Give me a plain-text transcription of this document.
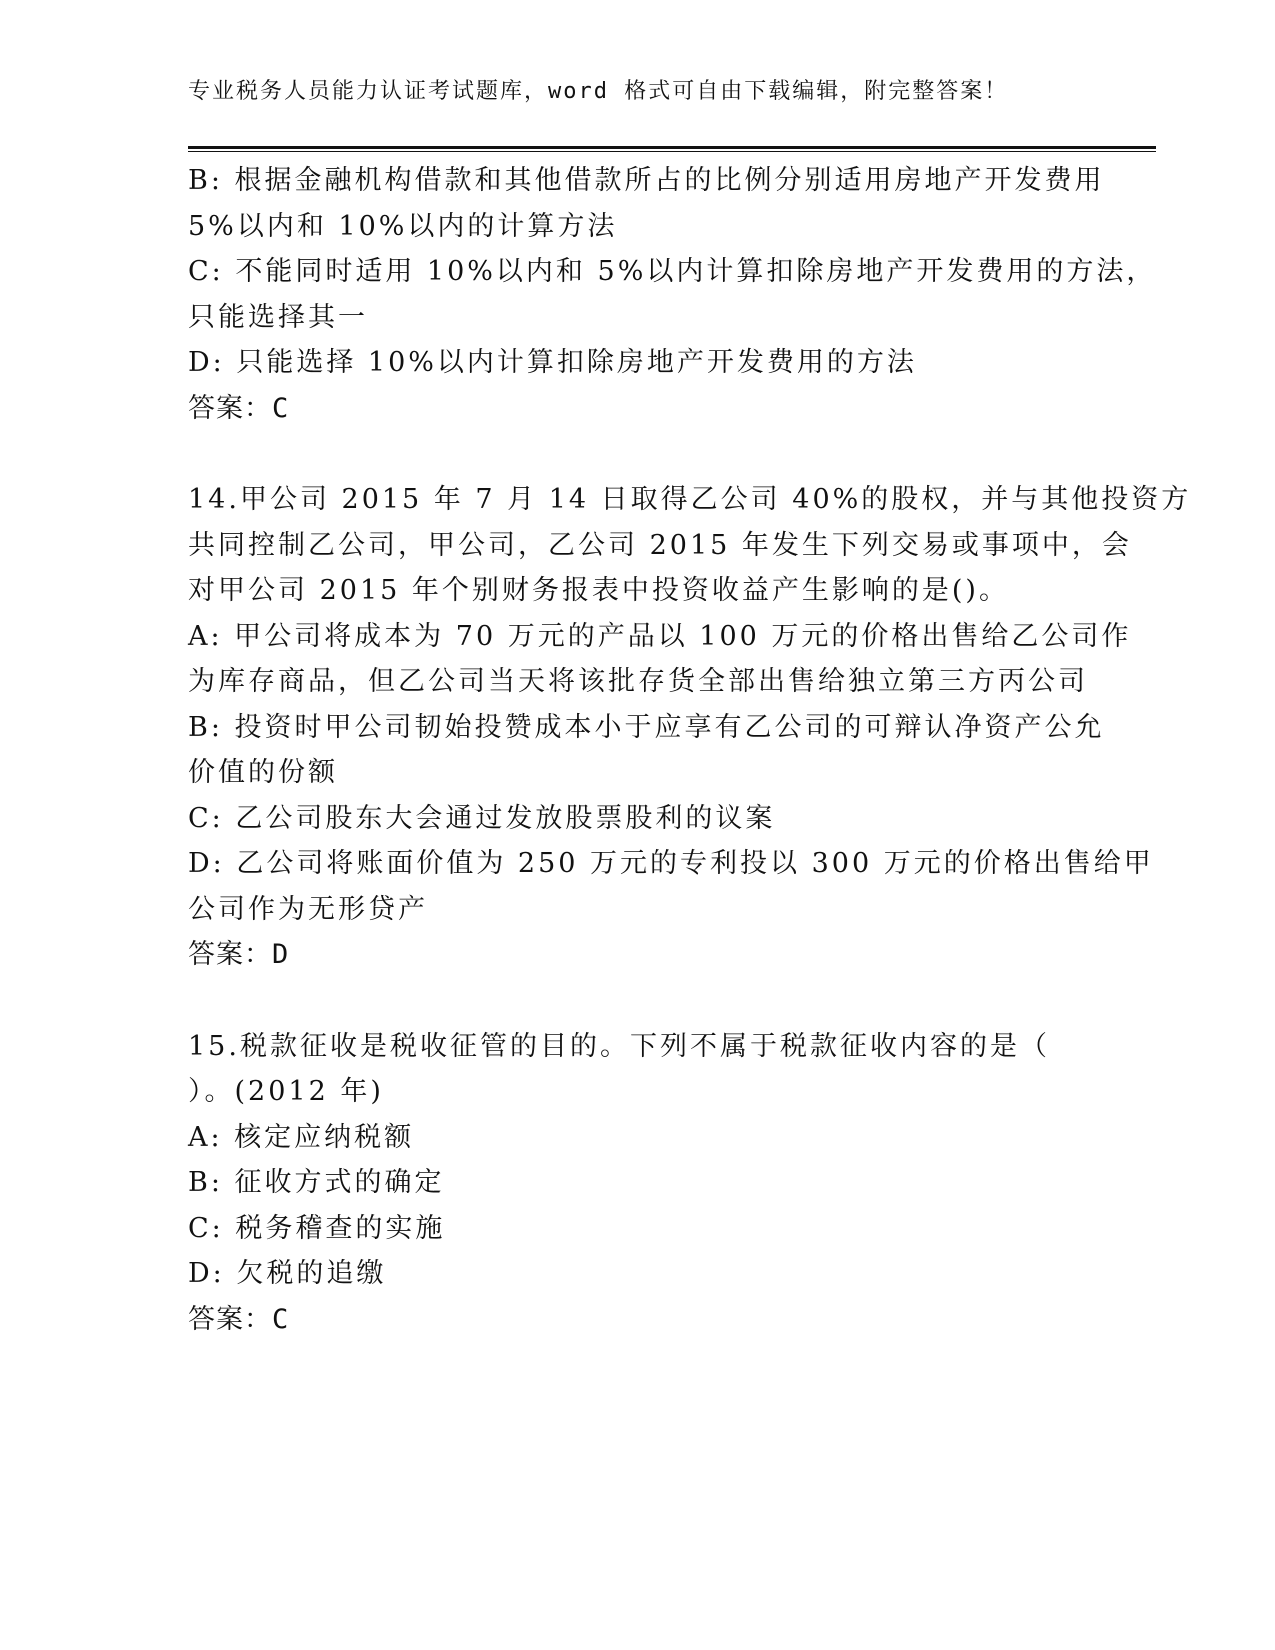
专业税务人员能力认证考试题库，word 格式可自由下载编辑，附完整答案！
B: 根据金融机构借款和其他借款所占的比例分别适用房地产开发费用
5%以内和 10%以内的计算方法
C: 不能同时适用 10%以内和 5%以内计算扣除房地产开发费用的方法，
只能选择其一
D: 只能选择 10%以内计算扣除房地产开发费用的方法
答案：C
14.甲公司 2015 年 7 月 14 日取得乙公司 40%的股权，并与其他投资方
共同控制乙公司，甲公司，乙公司 2015 年发生下列交易或事项中，会
对甲公司 2015 年个别财务报表中投资收益产生影响的是()。
A: 甲公司将成本为 70 万元的产品以 100 万元的价格出售给乙公司作
为库存商品，但乙公司当天将该批存货全部出售给独立第三方丙公司
B: 投资时甲公司韧始投赞成本小于应享有乙公司的可辩认净资产公允
价值的份额
C: 乙公司股东大会通过发放股票股利的议案
D: 乙公司将账面价值为 250 万元的专利投以 300 万元的价格出售给甲
公司作为无形贷产
答案：D
15.税款征收是税收征管的目的。下列不属于税款征收内容的是（
）。(2012 年)
A: 核定应纳税额
B: 征收方式的确定
C: 税务稽查的实施
D: 欠税的追缴
答案：C
